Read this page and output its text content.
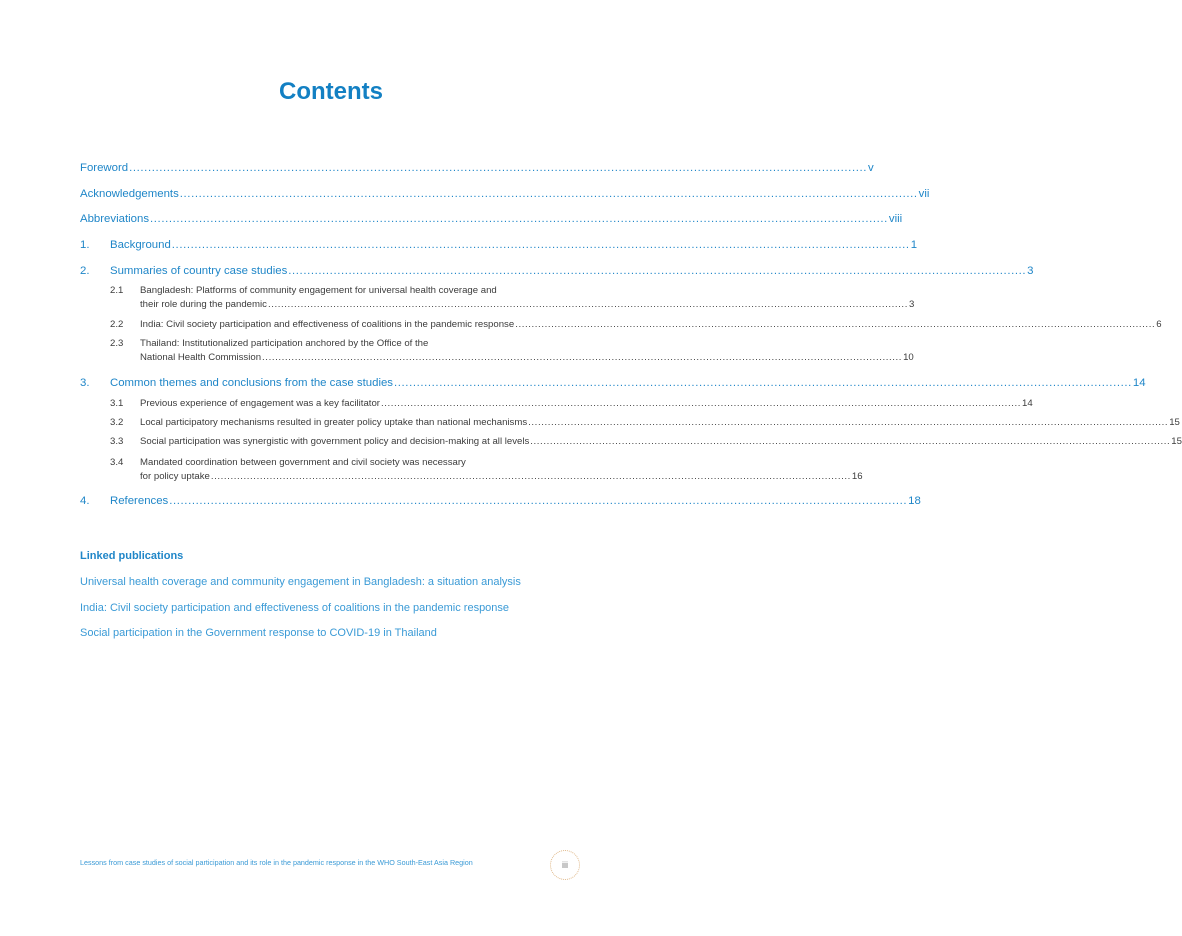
Contents
Foreword .................................................................................................................................................................................................... v
Acknowledgements .................................................................................................................................................................................................... vii
Abbreviations .................................................................................................................................................................................................... viii
1.	Background .................................................................................................................................................................................................... 1
2.	Summaries of country case studies .................................................................................................................................................................................................... 3
2.1	Bangladesh: Platforms of community engagement for universal health coverage and
their role during the pandemic .................................................................................................................................................................................................... 3
2.2	India: Civil society participation and effectiveness of coalitions in the pandemic response .................................................................................................................................................................................................... 6
2.3	Thailand: Institutionalized participation anchored by the Office of the
National Health Commission .................................................................................................................................................................................................... 10
3.	Common themes and conclusions from the case studies .................................................................................................................................................................................................... 14
3.1	Previous experience of engagement was a key facilitator .................................................................................................................................................................................................... 14
3.2	Local participatory mechanisms resulted in greater policy uptake than national mechanisms .................................................................................................................................................................................................... 15
3.3	Social participation was synergistic with government policy and decision-making at all levels .................................................................................................................................................................................................... 15
3.4	Mandated coordination between government and civil society was necessary
for policy uptake .................................................................................................................................................................................................... 16
4.	References .................................................................................................................................................................................................... 18
Linked publications
Universal health coverage and community engagement in Bangladesh: a situation analysis
India: Civil society participation and effectiveness of coalitions in the pandemic response
Social participation in the Government response to COVID-19 in Thailand
Lessons from case studies of social participation and its role in the pandemic response in the WHO South-East Asia Region	iii
